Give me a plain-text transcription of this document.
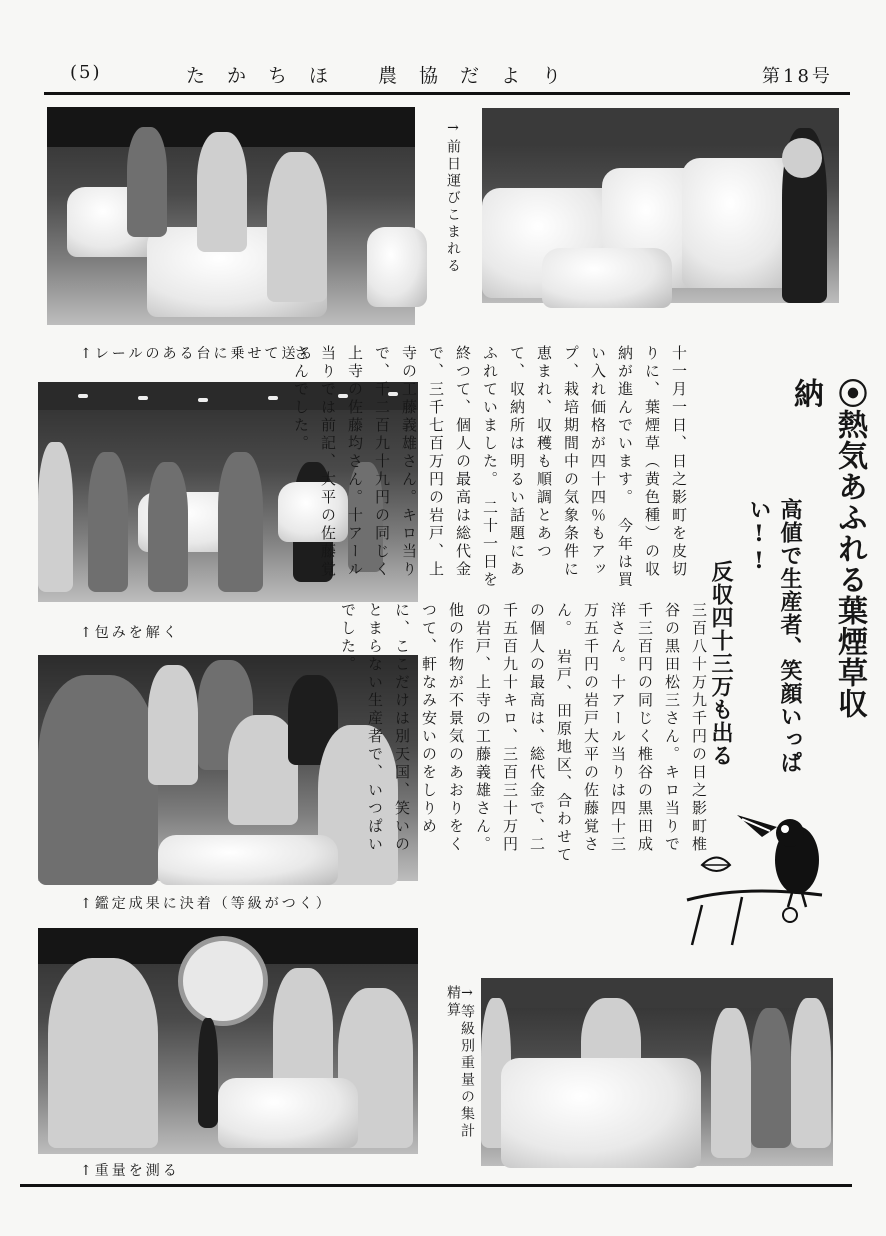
(5)	たかちほ 農協だより	第18号
↑レールのある台に乗せて送る
↑包みを解く
↑鑑定成果に決着（等級がつく）
↑重量を測る
→前日運びこまれる
⦿熱気あふれる葉煙草収納
高値で生産者、笑顔いっぱい!!
反収四十三万も出る
十一月一日、日之影町を皮切りに、葉煙草（黄色種）の収納が進んでいます。　今年は買い入れ価格が四十四％もアップ、栽培期間中の気象条件に恵まれ、収穫も順調とあつて、収納所は明るい話題にあふれていました。　二十一日を終つて、個人の最高は総代金で、三千七百万円の岩戸、上寺の工藤義雄さん。キロ当りで、千二百九十九円の同じく上寺の佐藤均さん。十アール当りでは前記、大平の佐藤覚さんでした。
三百八十万九千円の日之影町椎谷の黒田松三さん。キロ当りで千三百円の同じく椎谷の黒田成洋さん。十アール当りは四十三万五千円の岩戸大平の佐藤覚さん。　岩戸、田原地区、合わせての個人の最高は、総代金で、二千五百九十キロ、三百三十万円の岩戸、上寺の工藤義雄さん。　他の作物が不景気のあおりをくつて、軒なみ安いのをしりめに、ここだけは別天国、笑いのとまらない生産者で、いつぱいでした。
→等級別重量の集計精算
